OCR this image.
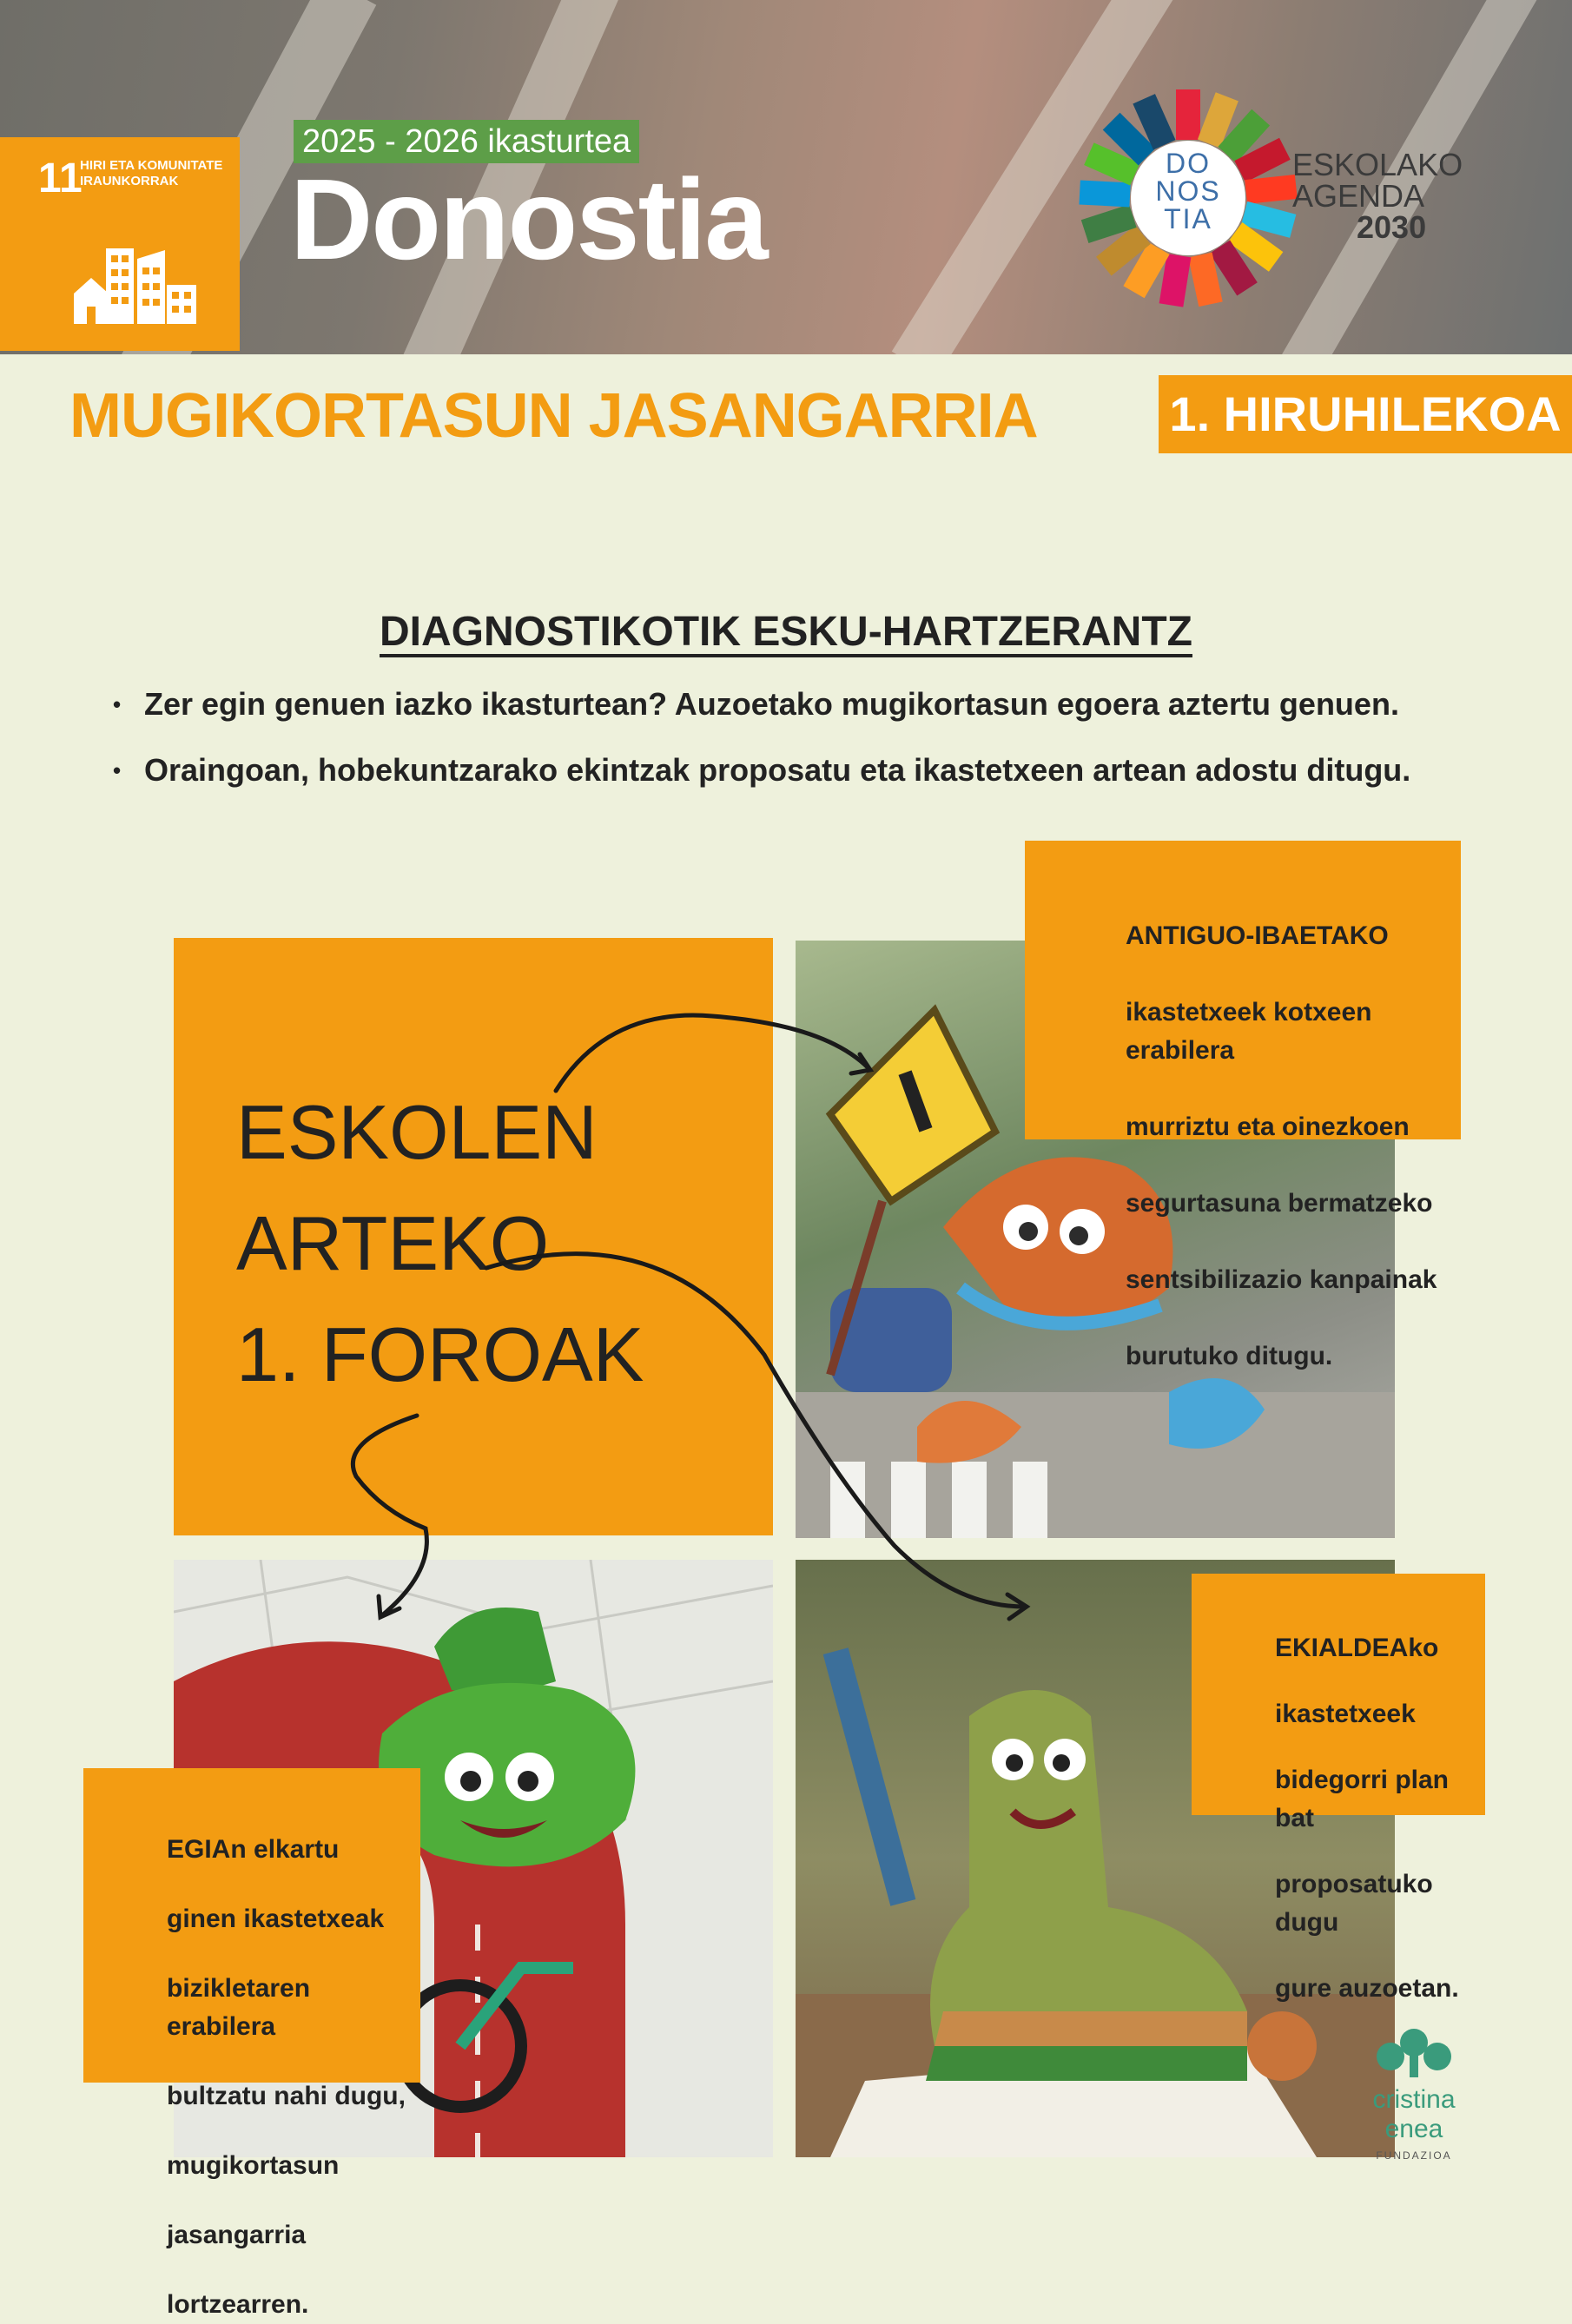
11
HIRI ETA KOMUNITATE IRAUNKORRAK
2025 - 2026 ikasturtea
Donostia	DO
NOS
TIA
ESKOLAKO
AGENDA
2030
MUGIKORTASUN JASANGARRIA	1. HIRUHILEKOA
DIAGNOSTIKOTIK ESKU-HARTZERANTZ
• Zer egin genuen iazko ikasturtean? Auzoetako mugikortasun egoera aztertu genuen.
• Oraingoan, hobekuntzarako ekintzak proposatu eta ikastetxeen artean adostu ditugu.
ESKOLEN
ARTEKO
1. FOROAK
ANTIGUO-IBAETAKO
ikastetxeek kotxeen erabilera
murriztu eta oinezkoen
segurtasuna bermatzeko
sentsibilizazio kanpainak
burutuko ditugu.
EKIALDEAko
ikastetxeek
bidegorri plan bat
proposatuko dugu
gure auzoetan.
EGIAn elkartu
ginen ikastetxeak
bizikletaren erabilera
bultzatu nahi dugu,
mugikortasun
jasangarria
lortzearren.
cristina
enea
FUNDAZIOA
